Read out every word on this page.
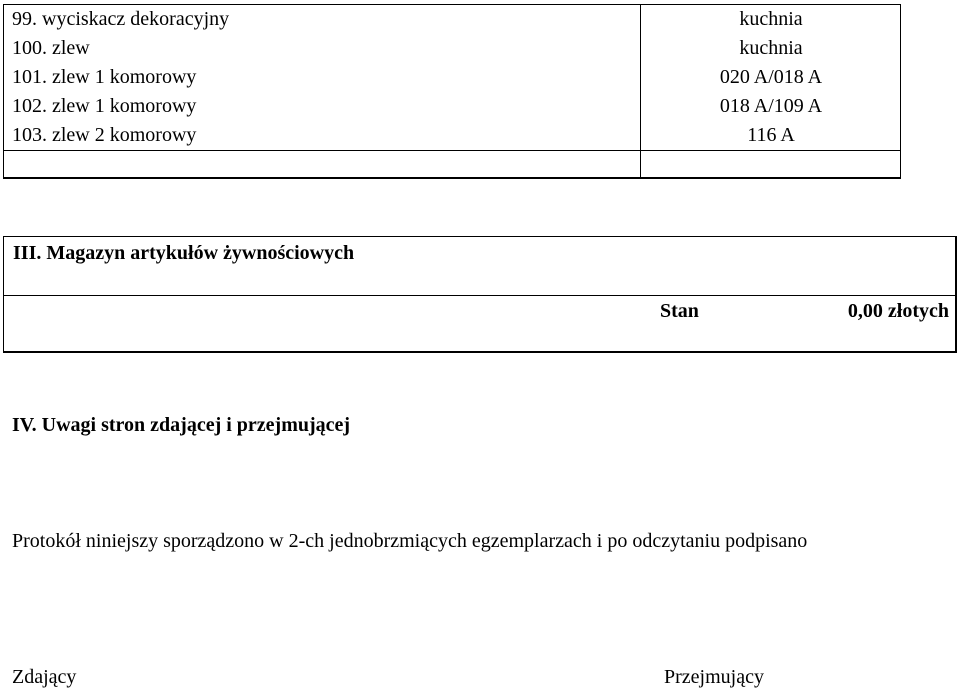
99. wyciskacz dekoracyjny	kuchnia
100. zlew	kuchnia
101. zlew 1 komorowy	020 A/018 A
102. zlew 1 komorowy	018 A/109 A
103. zlew 2 komorowy	116 A
III. Magazyn artykułów żywnościowych
Stan	0,00 złotych
IV. Uwagi stron zdającej i przejmującej
Protokół niniejszy sporządzono w 2-ch jednobrzmiących egzemplarzach i po odczytaniu podpisano
Zdający	Przejmujący
